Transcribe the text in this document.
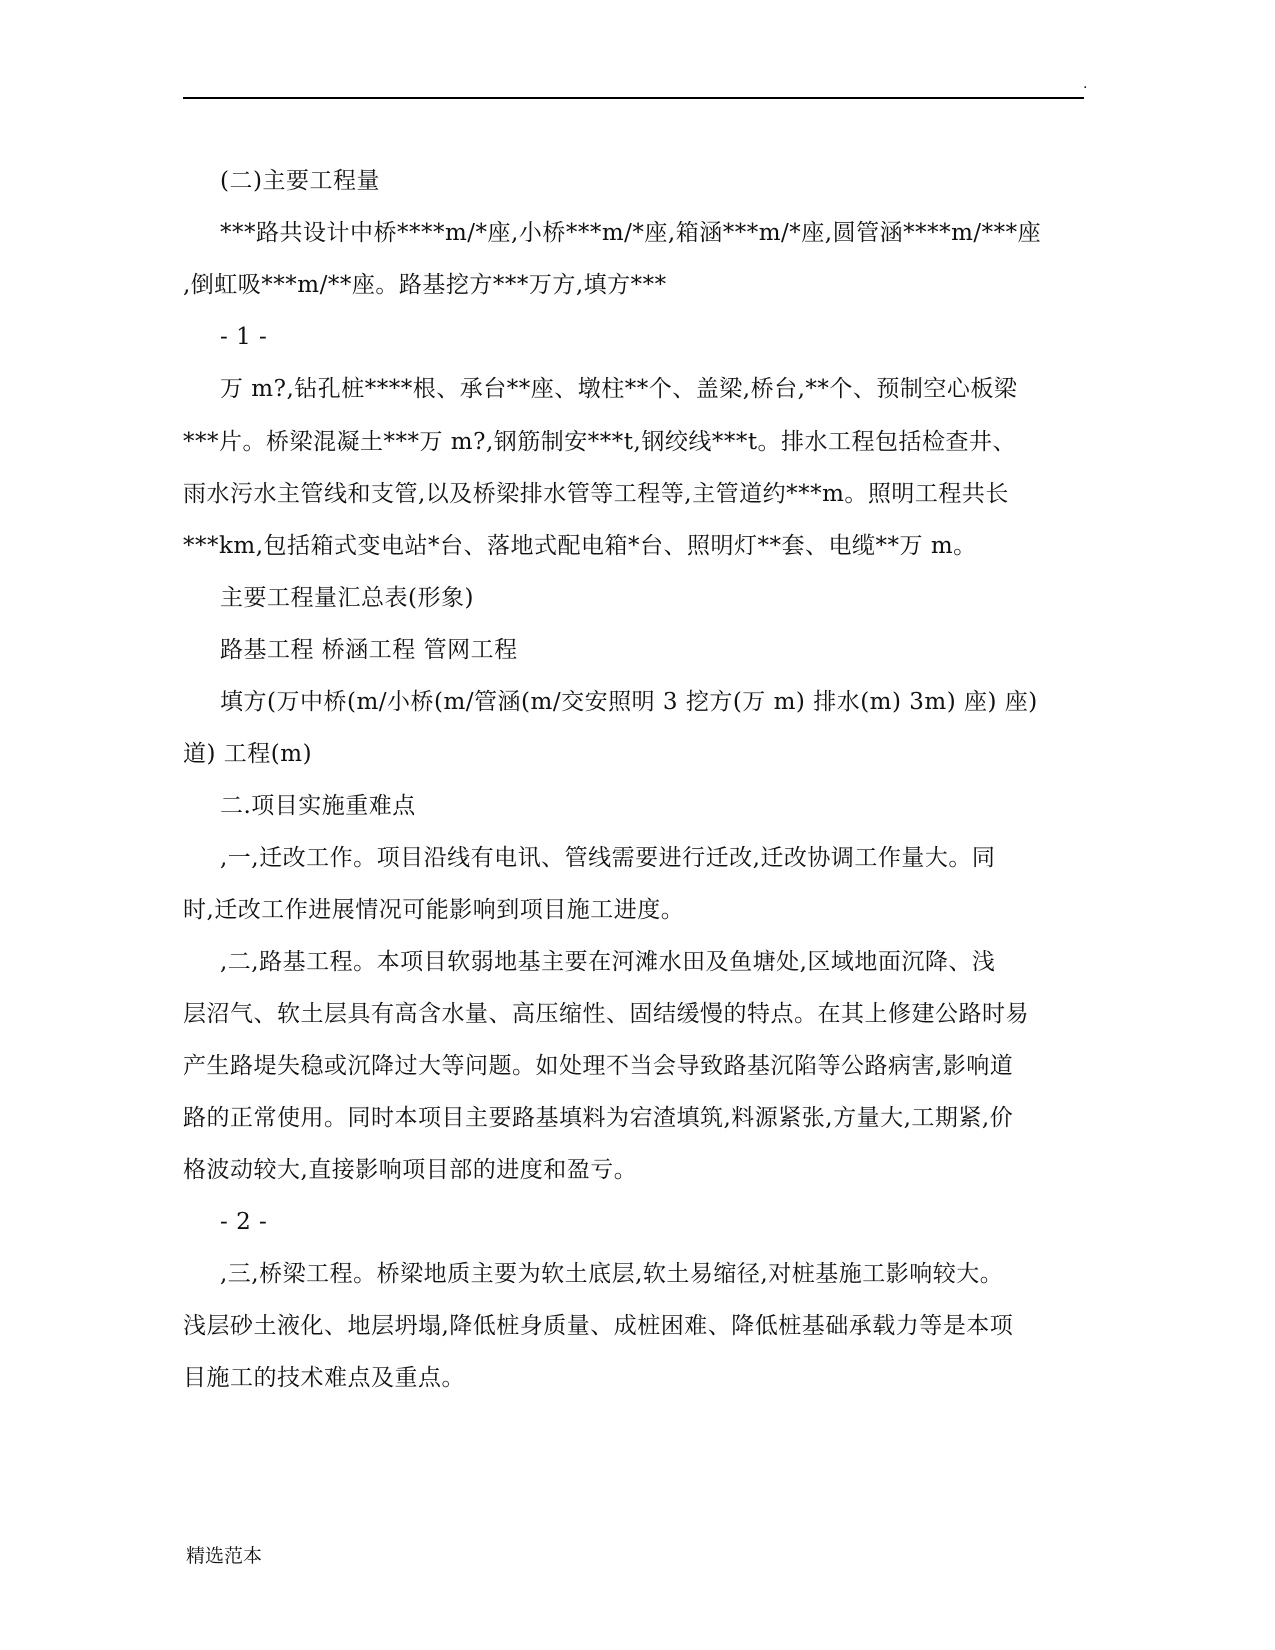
.
(二)主要工程量
***路共设计中桥****m/*座,小桥***m/*座,箱涵***m/*座,圆管涵****m/***座
,倒虹吸***m/**座。路基挖方***万方,填方***
- 1 -
万 m?,钻孔桩****根、承台**座、墩柱**个、盖梁,桥台,**个、预制空心板梁
***片。桥梁混凝土***万 m?,钢筋制安***t,钢绞线***t。排水工程包括检查井、
雨水污水主管线和支管,以及桥梁排水管等工程等,主管道约***m。照明工程共长
***km,包括箱式变电站*台、落地式配电箱*台、照明灯**套、电缆**万 m。
主要工程量汇总表(形象)
路基工程 桥涵工程 管网工程
填方(万中桥(m/小桥(m/管涵(m/交安照明 3 挖方(万 m) 排水(m) 3m) 座) 座)
道) 工程(m)
二.项目实施重难点
,一,迁改工作。项目沿线有电讯、管线需要进行迁改,迁改协调工作量大。同
时,迁改工作进展情况可能影响到项目施工进度。
,二,路基工程。本项目软弱地基主要在河滩水田及鱼塘处,区域地面沉降、浅
层沼气、软土层具有高含水量、高压缩性、固结缓慢的特点。在其上修建公路时易
产生路堤失稳或沉降过大等问题。如处理不当会导致路基沉陷等公路病害,影响道
路的正常使用。同时本项目主要路基填料为宕渣填筑,料源紧张,方量大,工期紧,价
格波动较大,直接影响项目部的进度和盈亏。
- 2 -
,三,桥梁工程。桥梁地质主要为软土底层,软土易缩径,对桩基施工影响较大。
浅层砂土液化、地层坍塌,降低桩身质量、成桩困难、降低桩基础承载力等是本项
目施工的技术难点及重点。
精选范本
